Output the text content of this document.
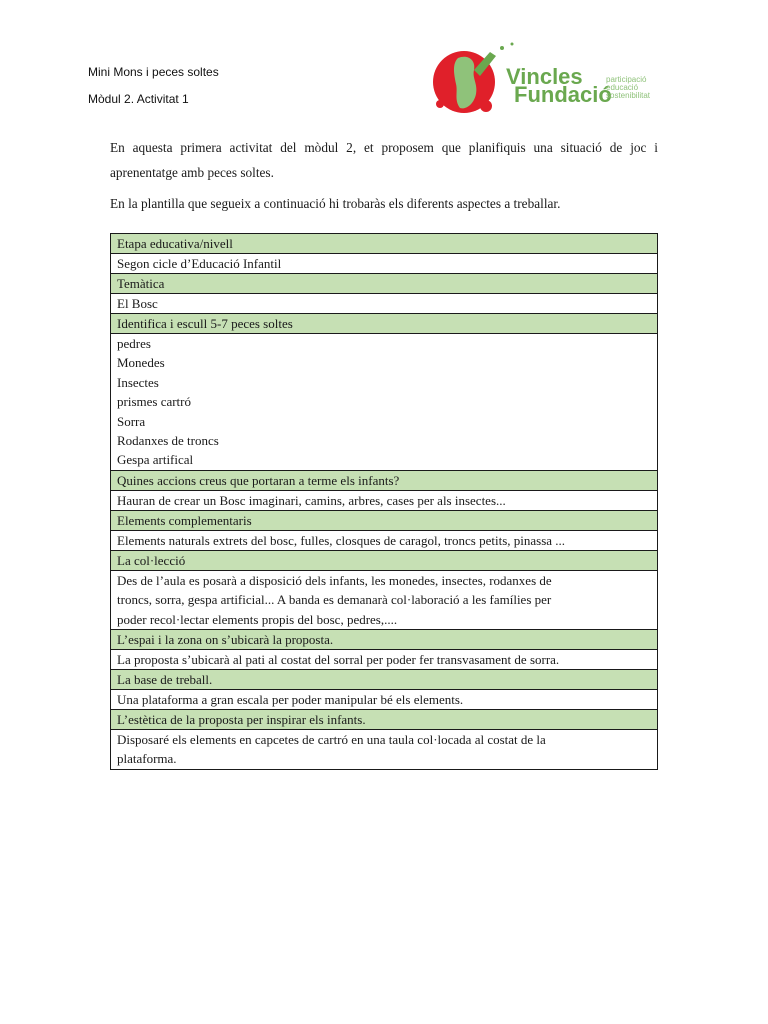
Mini Mons i peces soltes
Mòdul 2. Activitat 1
Vincles
Fundació
participació
educació
sostenibilitat

En aquesta primera activitat del mòdul 2, et proposem que planifiquis una situació de joc i aprenentatge amb peces soltes.

En la plantilla que segueix a continuació hi trobaràs els diferents aspectes a treballar.

Etapa educativa/nivell
Segon cicle d’Educació Infantil
Temàtica
El Bosc
Identifica i escull 5-7 peces soltes

pedres
Monedes
Insectes
prismes cartró
Sorra
Rodanxes de troncs
Gespa artifical

Quines accions creus que portaran a terme els infants?
Hauran de crear un Bosc imaginari, camins, arbres, cases per als insectes...
Elements complementaris
Elements naturals extrets del bosc, fulles, closques de caragol, troncs petits, pinassa ...
La col·lecció

Des de l’aula es posarà a disposició dels infants, les monedes, insectes, rodanxes de
troncs, sorra, gespa artificial... A banda es demanarà col·laboració a les famílies per
poder recol·lectar elements propis del bosc, pedres,....

L’espai i la zona on s’ubicarà la proposta.
La proposta s’ubicarà al pati al costat del sorral per poder fer transvasament de sorra.
La base de treball.
Una plataforma a gran escala per poder manipular bé els elements.
L’estètica de la proposta per inspirar els infants.

Disposaré els elements en capcetes de cartró en una taula col·locada al costat de la
plataforma.
